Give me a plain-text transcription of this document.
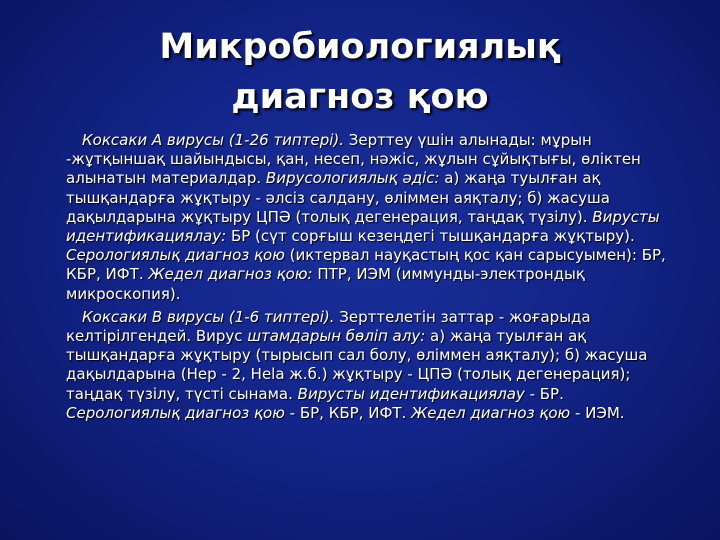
Микробиологиялық
диагноз қою

Коксаки А вирусы (1-26 типтері). Зерттеу үшін алынады: мұрын -жұтқыншақ шайындысы, қан, несеп, нәжіс, жұлын сұйықтығы, өліктен алынатын материалдар. Вирусологиялық әдіс: а) жаңа туылған ақ тышқандарға жұқтыру - әлсіз салдану, өліммен аяқталу; б) жасуша дақылдарына жұқтыру ЦПӘ (толық дегенерация, таңдақ түзілу). Вирусты идентификациялау: БР (сүт сорғыш кезеңдегі тышқандарға жұқтыру). Серологиялық диагноз қою (иктервал науқастың қос қан сарысуымен): БР, КБР, ИФТ. Жедел диагноз қою: ПТР, ИЭМ (иммунды-электрондық микроскопия).

Коксаки В вирусы (1-6 типтері). Зерттелетін заттар - жоғарыда келтірілгендей. Вирус штамдарын бөліп алу: а) жаңа туылған ақ тышқандарға жұқтыру (тырысып сал болу, өліммен аяқталу); б) жасуша дақылдарына (Нер - 2, Неla ж.б.) жұқтыру - ЦПӘ (толық дегенерация); таңдақ түзілу, түсті сынама. Вирусты идентификациялау - БР. Серологиялық диагноз қою - БР, КБР, ИФТ. Жедел диагноз қою - ИЭМ.
